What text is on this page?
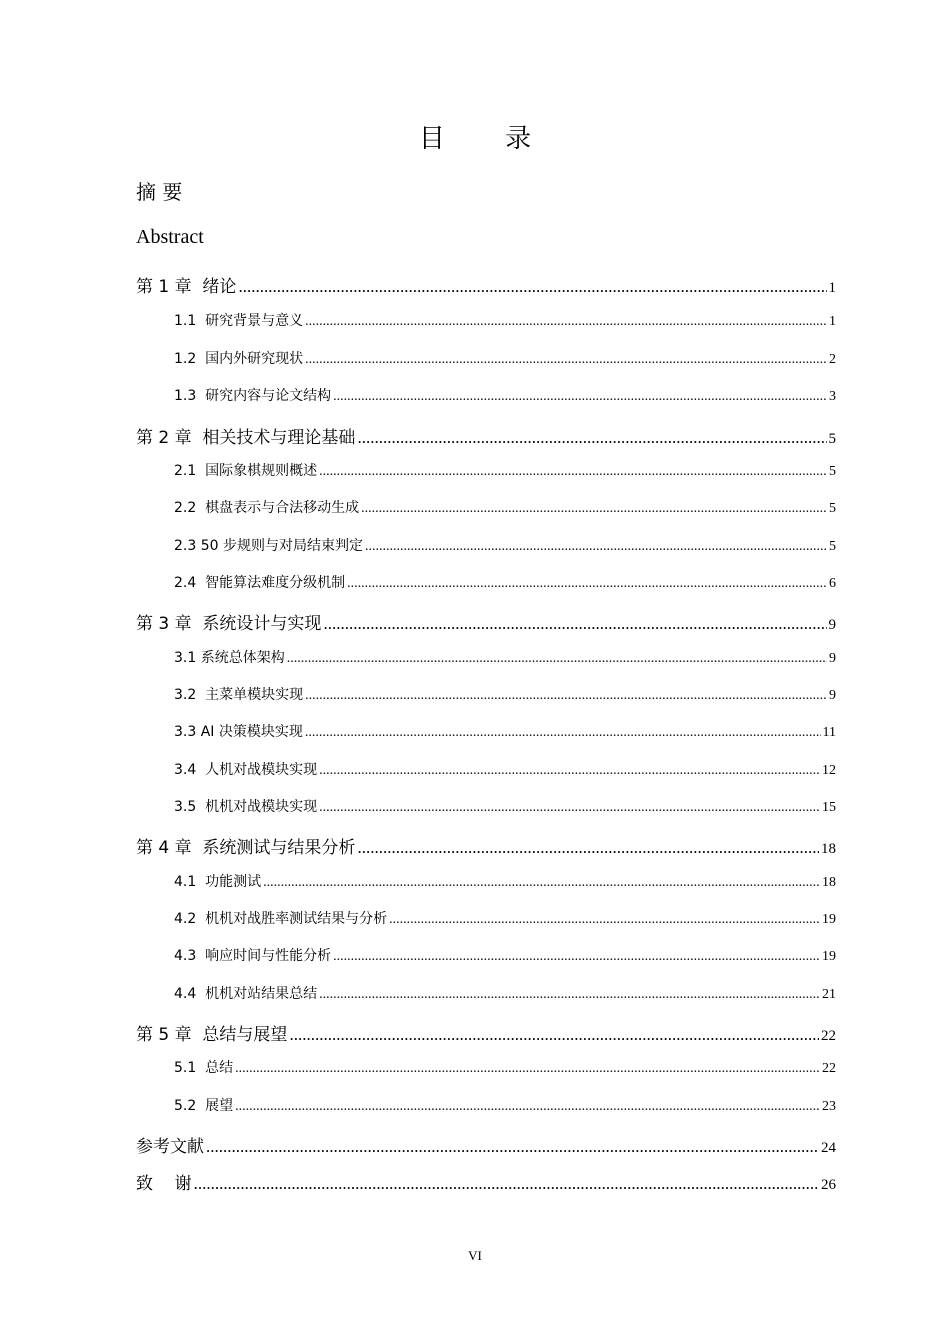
目 录
摘 要
Abstract
第 1 章  绪论 .....	1
1.1  研究背景与意义 .....	1
1.2  国内外研究现状 .....	2
1.3  研究内容与论文结构 .....	3
第 2 章  相关技术与理论基础 .....	5
2.1  国际象棋规则概述 .....	5
2.2  棋盘表示与合法移动生成 .....	5
2.3 50 步规则与对局结束判定 .....	5
2.4  智能算法难度分级机制 .....	6
第 3 章  系统设计与实现 .....	9
3.1 系统总体架构 .....	9
3.2  主菜单模块实现 .....	9
3.3 AI 决策模块实现 .....	11
3.4  人机对战模块实现 .....	12
3.5  机机对战模块实现 .....	15
第 4 章  系统测试与结果分析 .....	18
4.1  功能测试 .....	18
4.2  机机对战胜率测试结果与分析 .....	19
4.3  响应时间与性能分析 .....	19
4.4  机机对站结果总结 .....	21
第 5 章  总结与展望 .....	22
5.1  总结 .....	22
5.2  展望 .....	23
参考文献 .....	24
致    谢 .....	26
VI
